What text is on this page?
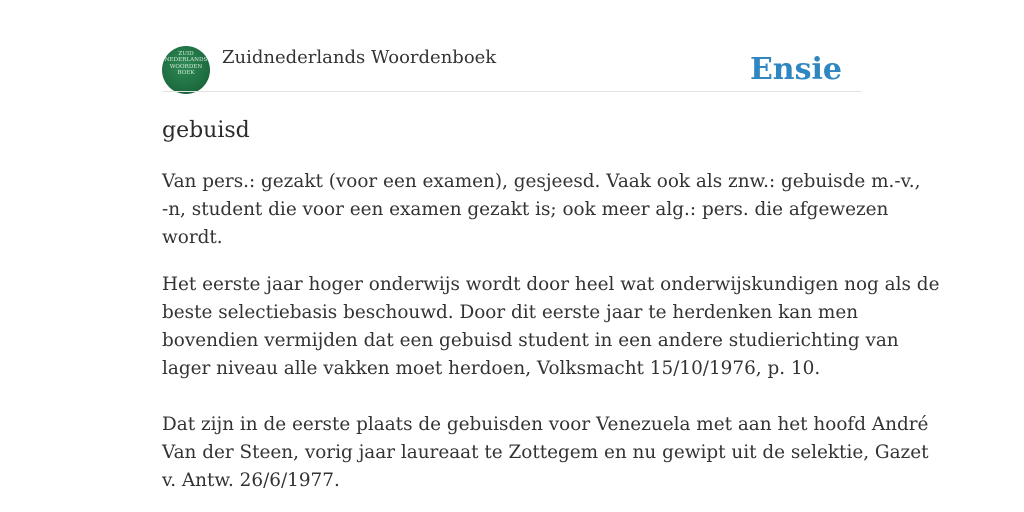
ZUID
NEDERLANDS
WOORDEN
BOEK
Zuidnederlands Woordenboek	Ensie
gebuisd

Van pers.: gezakt (voor een examen), gesjeesd. Vaak ook als znw.: gebuisde m.-v.,
-n, student die voor een examen gezakt is; ook meer alg.: pers. die afgewezen
wordt.

Het eerste jaar hoger onderwijs wordt door heel wat onderwijskundigen nog als de
beste selectiebasis beschouwd. Door dit eerste jaar te herdenken kan men
bovendien vermijden dat een gebuisd student in een andere studierichting van
lager niveau alle vakken moet herdoen, Volksmacht 15/10/1976, p. 10.

Dat zijn in de eerste plaats de gebuisden voor Venezuela met aan het hoofd André
Van der Steen, vorig jaar laureaat te Zottegem en nu gewipt uit de selektie, Gazet
v. Antw. 26/6/1977.
